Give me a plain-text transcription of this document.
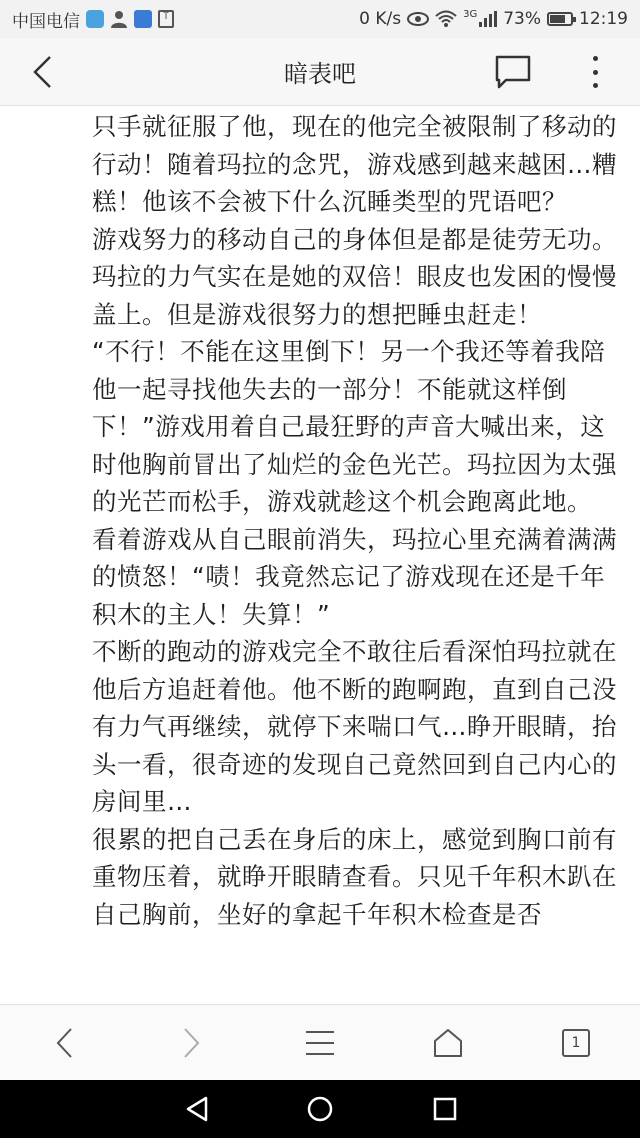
中国电信
↑	0 K/s	3G 73% 12:19
暗表吧

只手就征服了他，现在的他完全被限制了移动的行动！随着玛拉的念咒，游戏感到越来越困…糟糕！他该不会被下什么沉睡类型的咒语吧？

游戏努力的移动自己的身体但是都是徒劳无功。玛拉的力气实在是她的双倍！眼皮也发困的慢慢盖上。但是游戏很努力的想把睡虫赶走！

“不行！不能在这里倒下！另一个我还等着我陪他一起寻找他失去的一部分！不能就这样倒下！”游戏用着自己最狂野的声音大喊出来，这时他胸前冒出了灿烂的金色光芒。玛拉因为太强的光芒而松手，游戏就趁这个机会跑离此地。

看着游戏从自己眼前消失，玛拉心里充满着满满的愤怒！“啧！我竟然忘记了游戏现在还是千年积木的主人！失算！”

不断的跑动的游戏完全不敢往后看深怕玛拉就在他后方追赶着他。他不断的跑啊跑，直到自己没有力气再继续，就停下来喘口气…睁开眼睛，抬头一看，很奇迹的发现自己竟然回到自己内心的房间里…

很累的把自己丢在身后的床上，感觉到胸口前有重物压着，就睁开眼睛查看。只见千年积木趴在自己胸前，坐好的拿起千年积木检查是否

1
